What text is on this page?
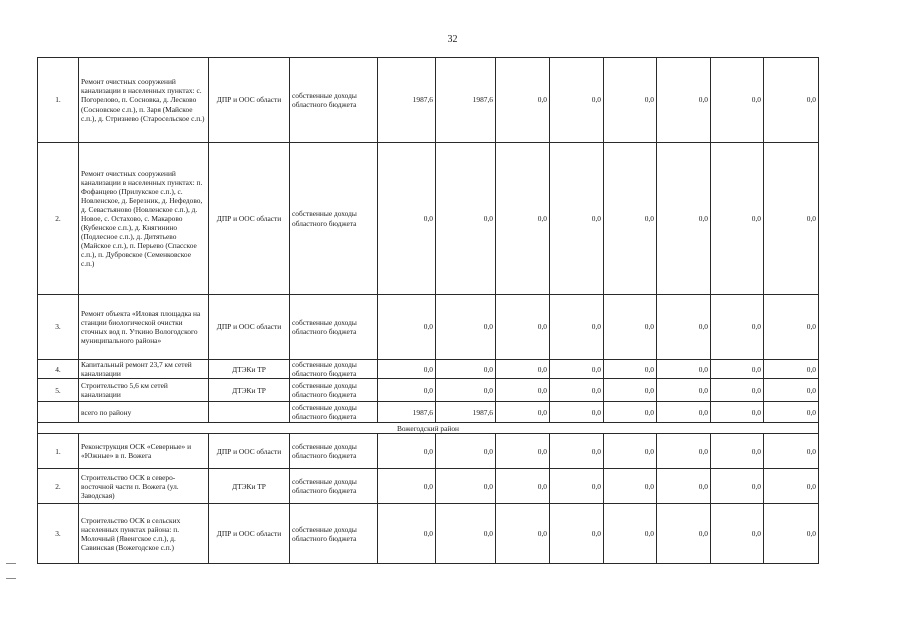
32
1.	Ремонт очистных сооружений канализации в населенных пунктах: с. Погорелово, п. Сосновка, д. Лесково (Сосновское с.п.), п. Заря (Майское с.п.), д. Стризнево (Старосельское с.п.)	ДПР и ООС области	собственные доходы областного бюджета	1987,6	1987,6	0,0	0,0	0,0	0,0	0,0	0,0
2.	Ремонт очистных сооружений канализации в населенных пунктах: п. Фофанцево (Прилукское с.п.), с. Новленское, д. Березник, д. Нефедово, д. Севастьяново (Новленское с.п.), д. Новое, с. Остахово, с. Макарово (Кубенское с.п.), д. Княгинино (Подлесное с.п.), д. Дитятьево (Майское с.п.), п. Перьево (Спасское с.п.), п. Дубровское (Семенковское с.п.)	ДПР и ООС области	собственные доходы областного бюджета	0,0	0,0	0,0	0,0	0,0	0,0	0,0	0,0
3.	Ремонт объекта «Иловая площадка на станции биологической очистки сточных вод п. Уткино Вологодского муниципального района»	ДПР и ООС области	собственные доходы областного бюджета	0,0	0,0	0,0	0,0	0,0	0,0	0,0	0,0
4.	Капитальный ремонт 23,7 км сетей канализации	ДТЭКи ТР	собственные доходы областного бюджета	0,0	0,0	0,0	0,0	0,0	0,0	0,0	0,0
5.	Строительство 5,6 км сетей канализации	ДТЭКи ТР	собственные доходы областного бюджета	0,0	0,0	0,0	0,0	0,0	0,0	0,0	0,0
	всего по району		собственные доходы областного бюджета	1987,6	1987,6	0,0	0,0	0,0	0,0	0,0	0,0
Вожегодский район											
1.	Реконструкция ОСК «Северные» и «Южные» в п. Вожега	ДПР и ООС области	собственные доходы областного бюджета	0,0	0,0	0,0	0,0	0,0	0,0	0,0	0,0
2.	Строительство ОСК в северо-восточной части п. Вожега (ул. Заводская)	ДТЭКи ТР	собственные доходы областного бюджета	0,0	0,0	0,0	0,0	0,0	0,0	0,0	0,0
3.	Строительство ОСК в сельских населенных пунктах района: п. Молочный (Явенгское с.п.), д. Савинская (Вожегодское с.п.)	ДПР и ООС области	собственные доходы областного бюджета	0,0	0,0	0,0	0,0	0,0	0,0	0,0	0,0
